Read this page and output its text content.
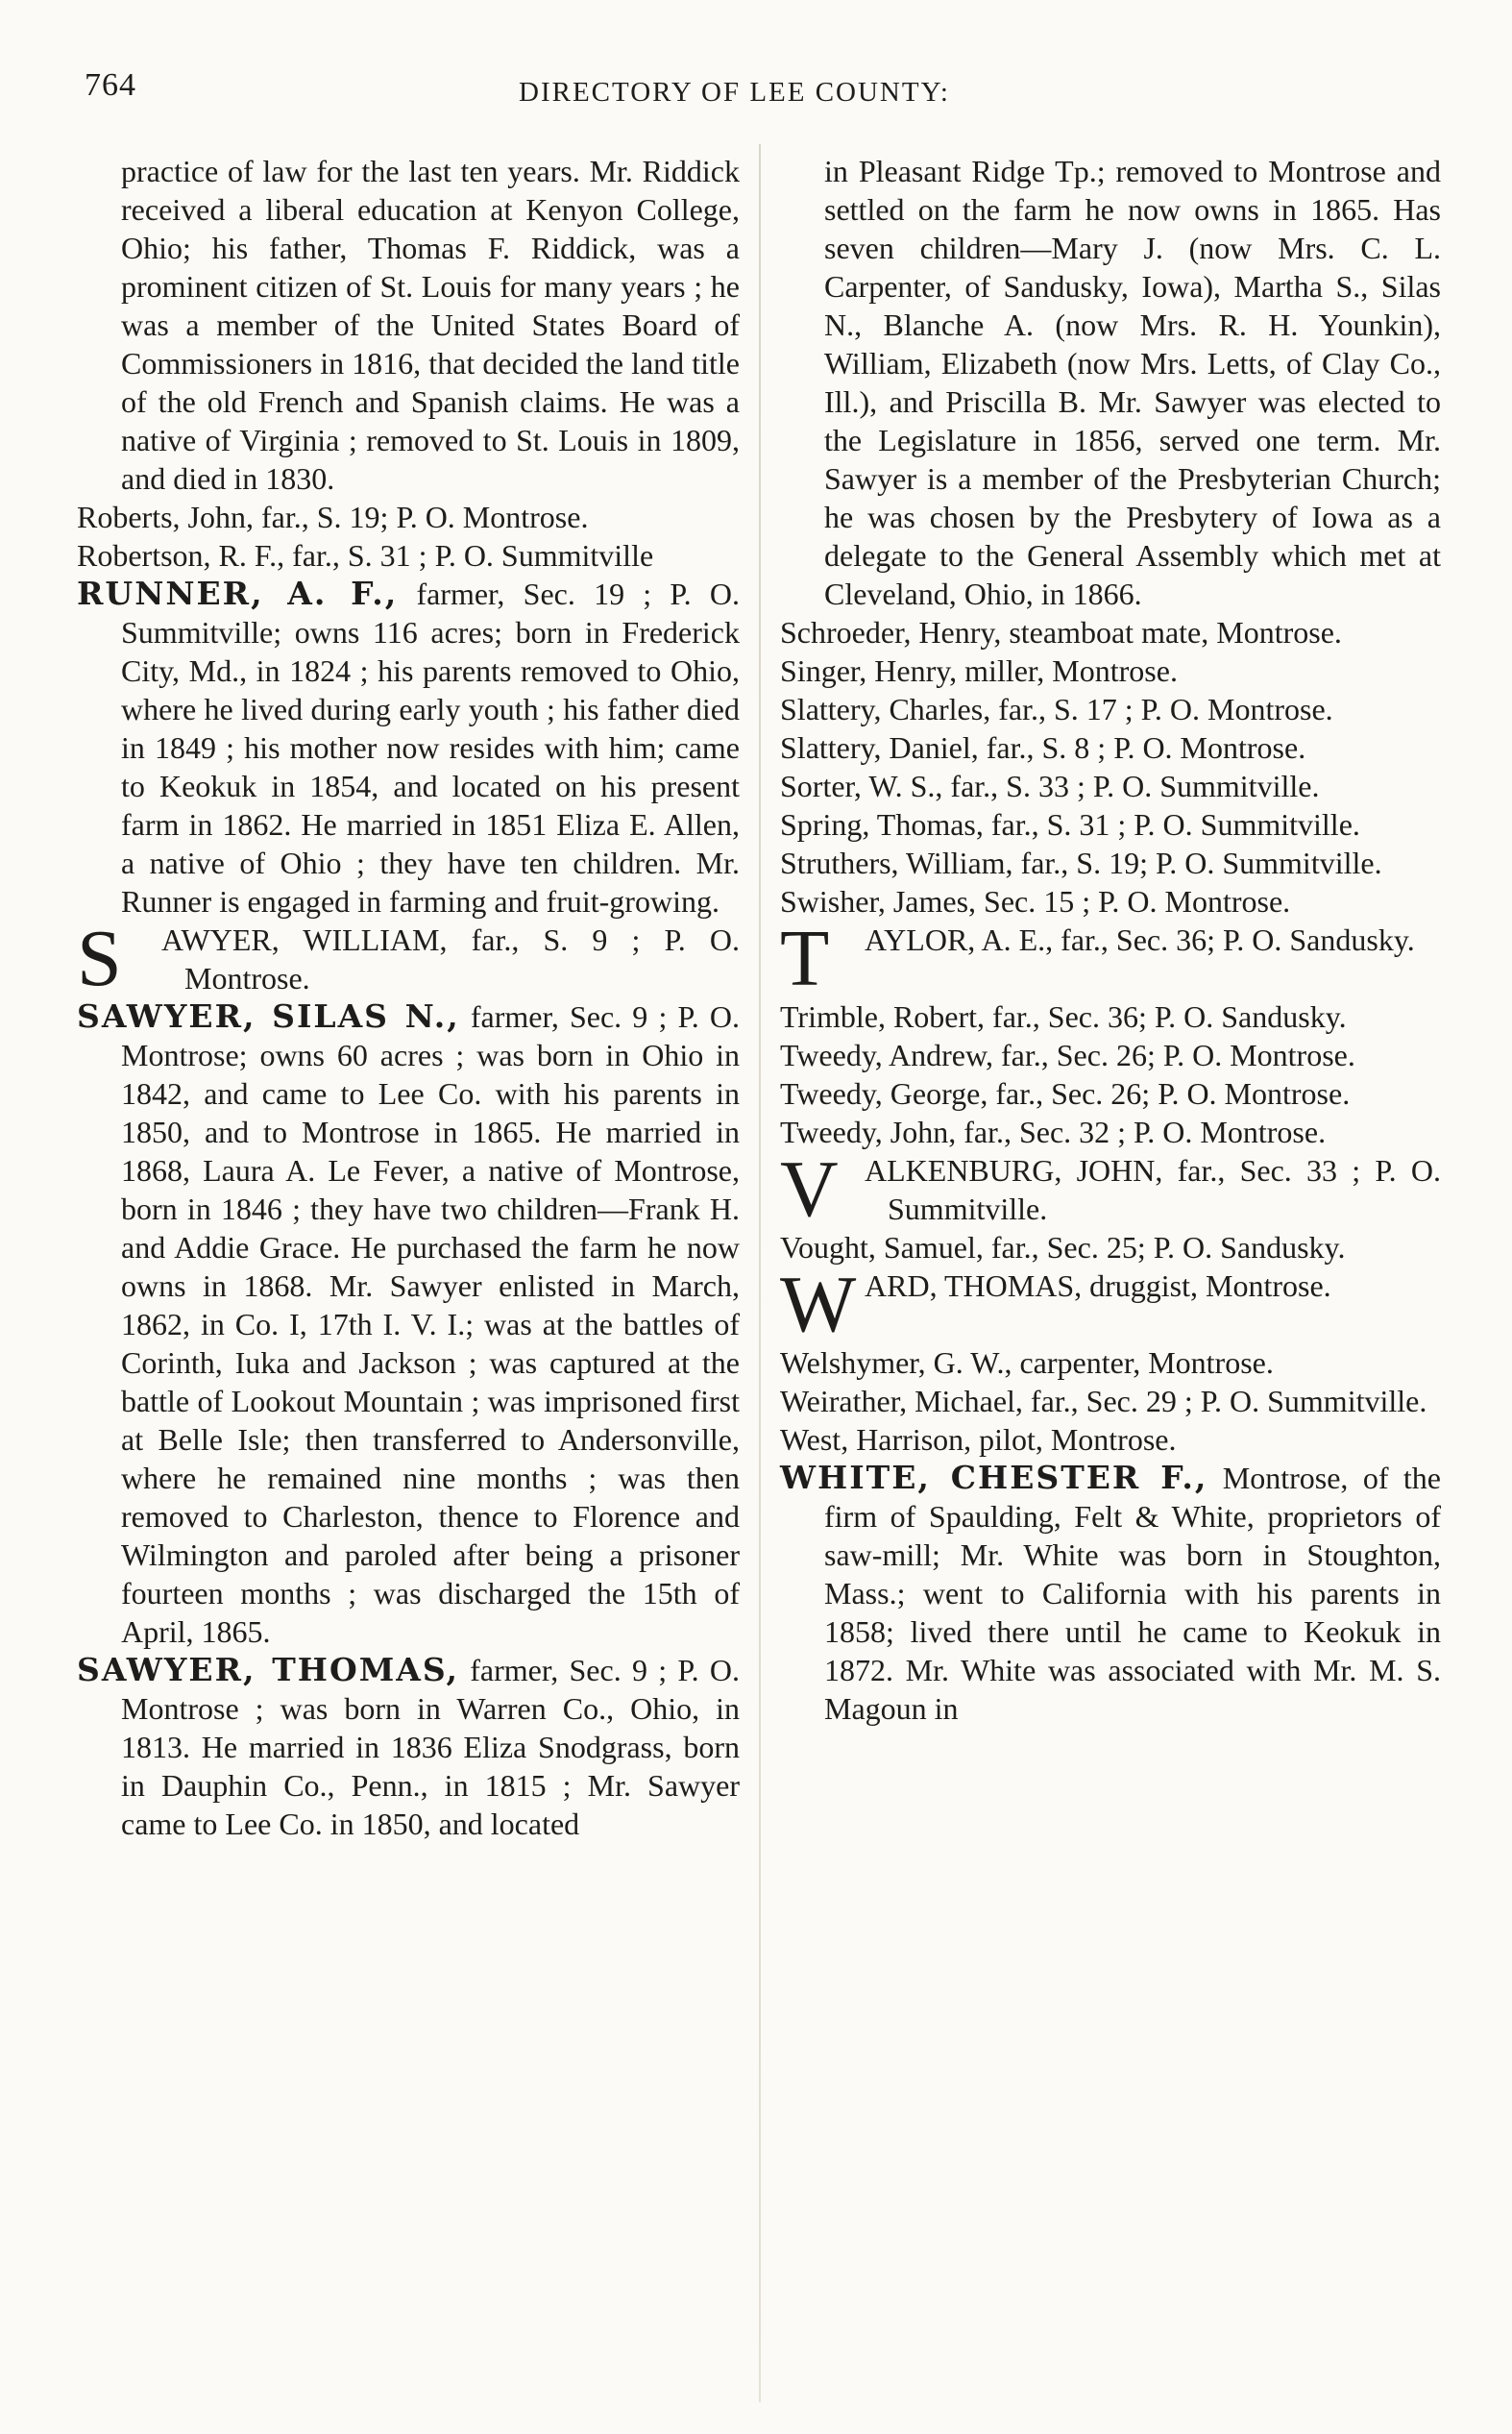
764	DIRECTORY OF LEE COUNTY:

practice of law for the last ten years. Mr. Riddick received a liberal education at Kenyon College, Ohio; his father, Thomas F. Riddick, was a prominent citizen of St. Louis for many years ; he was a member of the United States Board of Commissioners in 1816, that decided the land title of the old French and Spanish claims. He was a native of Virginia ; removed to St. Louis in 1809, and died in 1830.

Roberts, John, far., S. 19; P. O. Montrose.

Robertson, R. F., far., S. 31 ; P. O. Summitville

RUNNER, A. F., farmer, Sec. 19 ; P. O. Summitville; owns 116 acres; born in Frederick City, Md., in 1824 ; his parents removed to Ohio, where he lived during early youth ; his father died in 1849 ; his mother now resides with him; came to Keokuk in 1854, and located on his present farm in 1862. He married in 1851 Eliza E. Allen, a native of Ohio ; they have ten children. Mr. Runner is engaged in farming and fruit-growing.

S AWYER, WILLIAM, far., S. 9 ; P. O. Montrose.

SAWYER, SILAS N., farmer, Sec. 9 ; P. O. Montrose; owns 60 acres ; was born in Ohio in 1842, and came to Lee Co. with his parents in 1850, and to Montrose in 1865. He married in 1868, Laura A. Le Fever, a native of Montrose, born in 1846 ; they have two children—Frank H. and Addie Grace. He purchased the farm he now owns in 1868. Mr. Sawyer enlisted in March, 1862, in Co. I, 17th I. V. I.; was at the battles of Corinth, Iuka and Jackson ; was captured at the battle of Lookout Mountain ; was imprisoned first at Belle Isle; then transferred to Andersonville, where he remained nine months ; was then removed to Charleston, thence to Florence and Wilmington and paroled after being a prisoner fourteen months ; was discharged the 15th of April, 1865.

SAWYER, THOMAS, farmer, Sec. 9 ; P. O. Montrose ; was born in Warren Co., Ohio, in 1813. He married in 1836 Eliza Snodgrass, born in Dauphin Co., Penn., in 1815 ; Mr. Sawyer came to Lee Co. in 1850, and located

in Pleasant Ridge Tp.; removed to Montrose and settled on the farm he now owns in 1865. Has seven children—Mary J. (now Mrs. C. L. Carpenter, of Sandusky, Iowa), Martha S., Silas N., Blanche A. (now Mrs. R. H. Younkin), William, Elizabeth (now Mrs. Letts, of Clay Co., Ill.), and Priscilla B. Mr. Sawyer was elected to the Legislature in 1856, served one term. Mr. Sawyer is a member of the Presbyterian Church; he was chosen by the Presbytery of Iowa as a delegate to the General Assembly which met at Cleveland, Ohio, in 1866.

Schroeder, Henry, steamboat mate, Montrose.

Singer, Henry, miller, Montrose.

Slattery, Charles, far., S. 17 ; P. O. Montrose.

Slattery, Daniel, far., S. 8 ; P. O. Montrose.

Sorter, W. S., far., S. 33 ; P. O. Summitville.

Spring, Thomas, far., S. 31 ; P. O. Summitville.

Struthers, William, far., S. 19; P. O. Summitville.

Swisher, James, Sec. 15 ; P. O. Montrose.

T AYLOR, A. E., far., Sec. 36; P. O. Sandusky.

Trimble, Robert, far., Sec. 36; P. O. Sandusky.

Tweedy, Andrew, far., Sec. 26; P. O. Montrose.

Tweedy, George, far., Sec. 26; P. O. Montrose.

Tweedy, John, far., Sec. 32 ; P. O. Montrose.

V ALKENBURG, JOHN, far., Sec. 33 ; P. O. Summitville.

Vought, Samuel, far., Sec. 25; P. O. Sandusky.

W ARD, THOMAS, druggist, Montrose.

Welshymer, G. W., carpenter, Montrose.

Weirather, Michael, far., Sec. 29 ; P. O. Summitville.

West, Harrison, pilot, Montrose.

WHITE, CHESTER F., Montrose, of the firm of Spaulding, Felt & White, proprietors of saw-mill; Mr. White was born in Stoughton, Mass.; went to California with his parents in 1858; lived there until he came to Keokuk in 1872. Mr. White was associated with Mr. M. S. Magoun in
